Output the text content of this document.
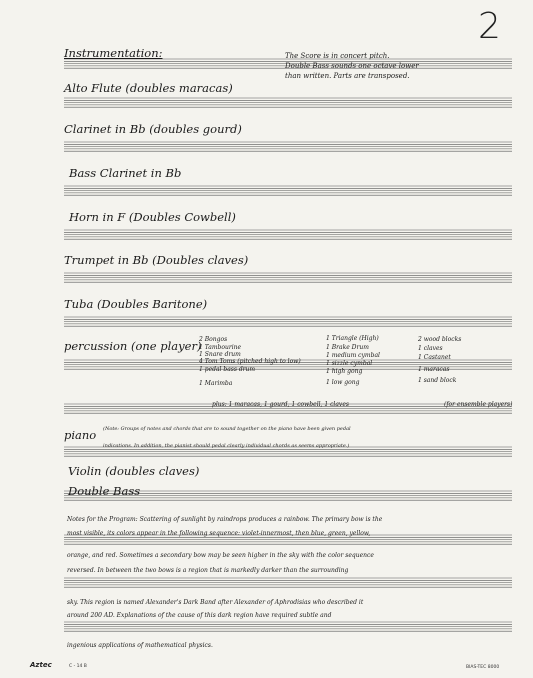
2
Instrumentation:	The Score is in concert pitch.
Double Bass sounds one octave lower
than written. Parts are transposed.
Alto Flute (doubles maracas)
Clarinet in Bb (doubles gourd)
Bass Clarinet in Bb
Horn in F (Doubles Cowbell)
Trumpet in Bb (Doubles claves)
Tuba (Doubles Baritone)
percussion (one player)
2 Bongos
1 Tambourine
1 Snare drum
4 Tom Toms (pitched high to low)
1 pedal bass drum
1 Marimba
1 Triangle (High)
1 Brake Drum
1 medium cymbal
1 sizzle cymbal
1 high gong
1 low gong
2 wood blocks
1 claves
1 Castanet
1 maracas
1 sand block
plus: 1 maracas, 1 gourd, 1 cowbell, 1 claves	(for ensemble players)
piano (Note: Groups of notes and chords that are to sound together on the piano have been given pedal
indications. In addition, the pianist should pedal clearly individual chords as seems appropriate.)
Violin (doubles claves)
Double Bass
Notes for the Program: Scattering of sunlight by raindrops produces a rainbow. The primary bow is the
most visible, its colors appear in the following sequence: violet-innermost, then blue, green, yellow,
orange, and red. Sometimes a secondary bow may be seen higher in the sky with the color sequence
reversed. In between the two bows is a region that is markedly darker than the surrounding
sky. This region is named Alexander's Dark Band after Alexander of Aphrodisias who described it
around 200 AD. Explanations of the cause of this dark region have required subtle and
ingenious applications of mathematical physics.
Aztec	C - 14 B	BIAS-TEC 8000
